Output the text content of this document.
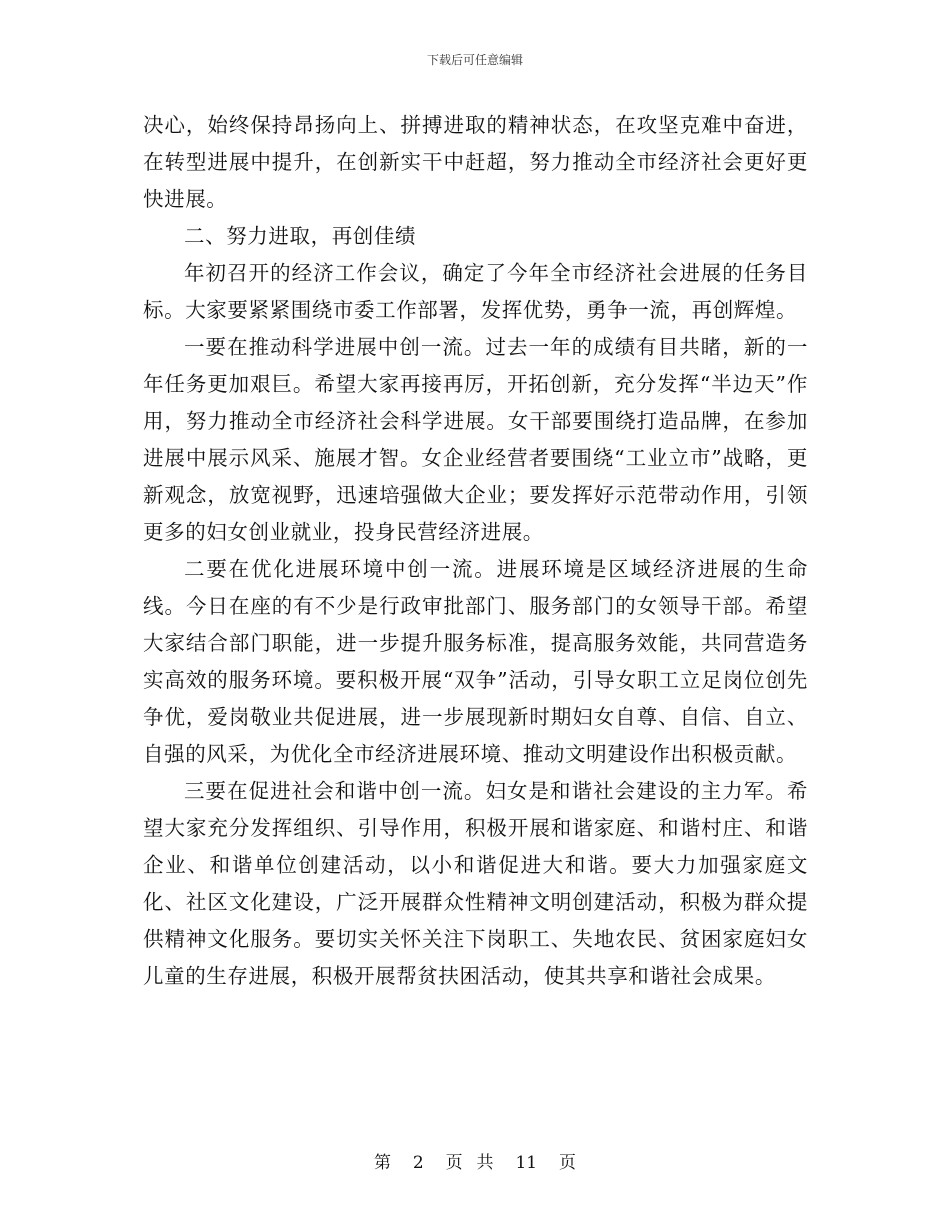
下载后可任意编辑

决心，始终保持昂扬向上、拼搏进取的精神状态，在攻坚克难中奋进，在转型进展中提升，在创新实干中赶超，努力推动全市经济社会更好更快进展。

二、努力进取，再创佳绩

年初召开的经济工作会议，确定了今年全市经济社会进展的任务目标。大家要紧紧围绕市委工作部署，发挥优势，勇争一流，再创辉煌。

一要在推动科学进展中创一流。过去一年的成绩有目共睹，新的一年任务更加艰巨。希望大家再接再厉，开拓创新，充分发挥“半边天”作用，努力推动全市经济社会科学进展。女干部要围绕打造品牌，在参加进展中展示风采、施展才智。女企业经营者要围绕“工业立市”战略，更新观念，放宽视野，迅速培强做大企业；要发挥好示范带动作用，引领更多的妇女创业就业，投身民营经济进展。

二要在优化进展环境中创一流。进展环境是区域经济进展的生命线。今日在座的有不少是行政审批部门、服务部门的女领导干部。希望大家结合部门职能，进一步提升服务标准，提高服务效能，共同营造务实高效的服务环境。要积极开展“双争”活动，引导女职工立足岗位创先争优，爱岗敬业共促进展，进一步展现新时期妇女自尊、自信、自立、自强的风采，为优化全市经济进展环境、推动文明建设作出积极贡献。

三要在促进社会和谐中创一流。妇女是和谐社会建设的主力军。希望大家充分发挥组织、引导作用，积极开展和谐家庭、和谐村庄、和谐企业、和谐单位创建活动，以小和谐促进大和谐。要大力加强家庭文化、社区文化建设，广泛开展群众性精神文明创建活动，积极为群众提供精神文化服务。要切实关怀关注下岗职工、失地农民、贫困家庭妇女儿童的生存进展，积极开展帮贫扶困活动，使其共享和谐社会成果。

第 2 页 共 11 页
